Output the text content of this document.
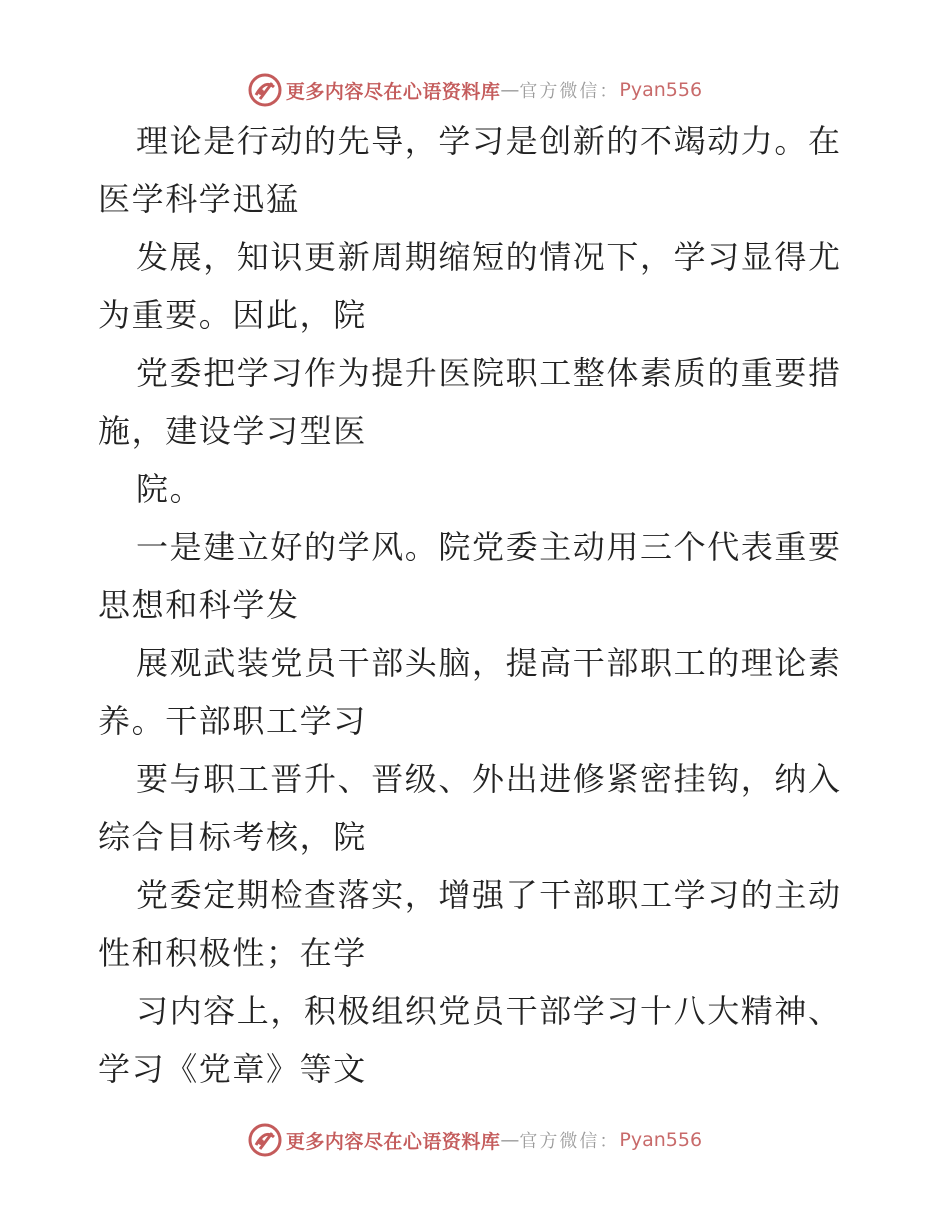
更多内容尽在心语资料库 — 官方微信： Pyan556
理论是行动的先导，学习是创新的不竭动力。在
医学科学迅猛
发展，知识更新周期缩短的情况下，学习显得尤
为重要。因此，院
党委把学习作为提升医院职工整体素质的重要措
施，建设学习型医
院。
一是建立好的学风。院党委主动用三个代表重要
思想和科学发
展观武装党员干部头脑，提高干部职工的理论素
养。干部职工学习
要与职工晋升、晋级、外出进修紧密挂钩，纳入
综合目标考核，院
党委定期检查落实，增强了干部职工学习的主动
性和积极性；在学
习内容上，积极组织党员干部学习十八大精神、
学习《党章》等文
更多内容尽在心语资料库 — 官方微信： Pyan556
